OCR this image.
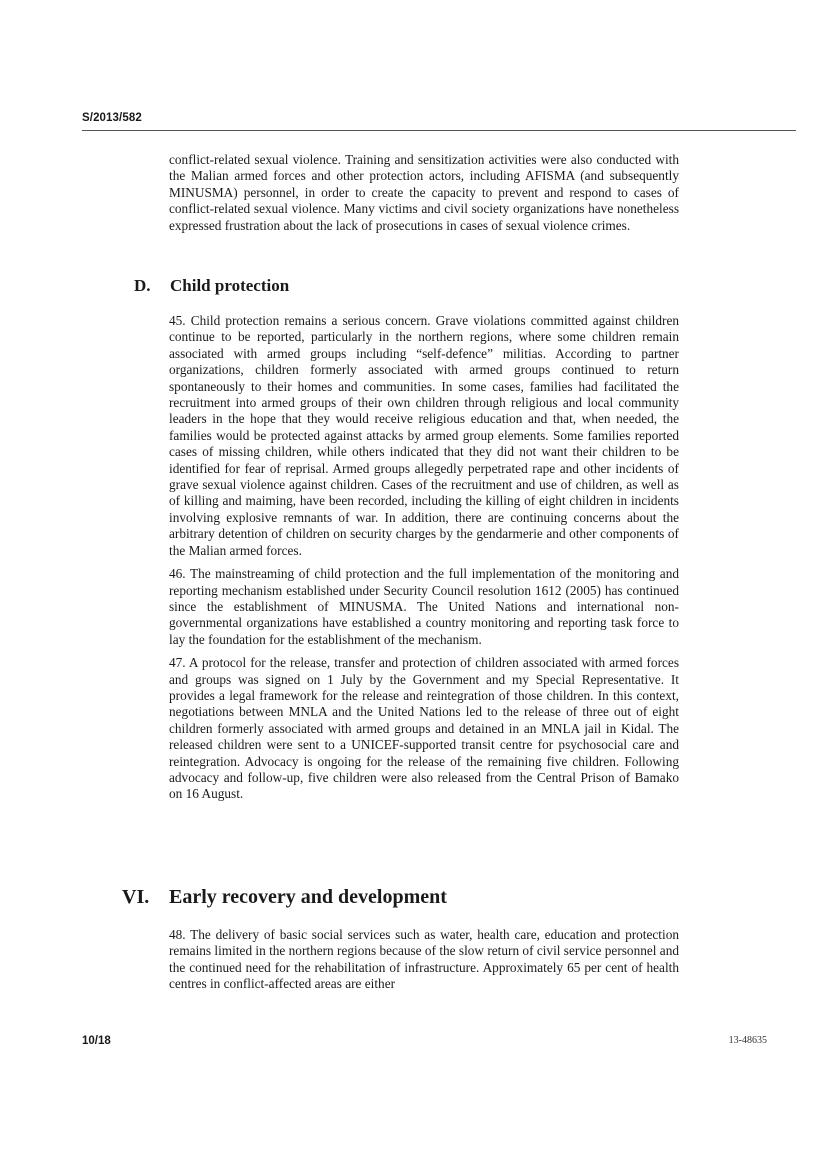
S/2013/582

conflict-related sexual violence. Training and sensitization activities were also conducted with the Malian armed forces and other protection actors, including AFISMA (and subsequently MINUSMA) personnel, in order to create the capacity to prevent and respond to cases of conflict-related sexual violence. Many victims and civil society organizations have nonetheless expressed frustration about the lack of prosecutions in cases of sexual violence crimes.

D. Child protection

45. Child protection remains a serious concern. Grave violations committed against children continue to be reported, particularly in the northern regions, where some children remain associated with armed groups including “self-defence” militias. According to partner organizations, children formerly associated with armed groups continued to return spontaneously to their homes and communities. In some cases, families had facilitated the recruitment into armed groups of their own children through religious and local community leaders in the hope that they would receive religious education and that, when needed, the families would be protected against attacks by armed group elements. Some families reported cases of missing children, while others indicated that they did not want their children to be identified for fear of reprisal. Armed groups allegedly perpetrated rape and other incidents of grave sexual violence against children. Cases of the recruitment and use of children, as well as of killing and maiming, have been recorded, including the killing of eight children in incidents involving explosive remnants of war. In addition, there are continuing concerns about the arbitrary detention of children on security charges by the gendarmerie and other components of the Malian armed forces.

46. The mainstreaming of child protection and the full implementation of the monitoring and reporting mechanism established under Security Council resolution 1612 (2005) has continued since the establishment of MINUSMA. The United Nations and international non-governmental organizations have established a country monitoring and reporting task force to lay the foundation for the establishment of the mechanism.

47. A protocol for the release, transfer and protection of children associated with armed forces and groups was signed on 1 July by the Government and my Special Representative. It provides a legal framework for the release and reintegration of those children. In this context, negotiations between MNLA and the United Nations led to the release of three out of eight children formerly associated with armed groups and detained in an MNLA jail in Kidal. The released children were sent to a UNICEF-supported transit centre for psychosocial care and reintegration. Advocacy is ongoing for the release of the remaining five children. Following advocacy and follow-up, five children were also released from the Central Prison of Bamako on 16 August.

VI. Early recovery and development

48. The delivery of basic social services such as water, health care, education and protection remains limited in the northern regions because of the slow return of civil service personnel and the continued need for the rehabilitation of infrastructure. Approximately 65 per cent of health centres in conflict-affected areas are either

10/18	13-48635
